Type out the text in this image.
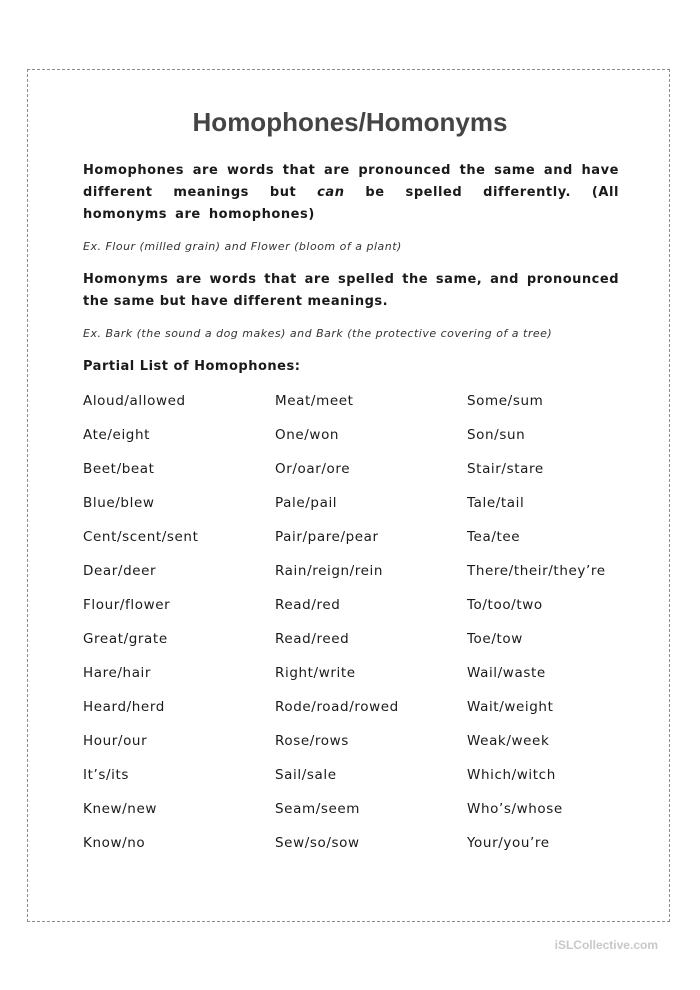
Homophones/Homonyms
Homophones are words that are pronounced the same and have different meanings but can be spelled differently. (All homonyms are homophones)
Ex. Flour (milled grain) and Flower (bloom of a plant)
Homonyms are words that are spelled the same, and pronounced the same but have different meanings.
Ex. Bark (the sound a dog makes) and Bark (the protective covering of a tree)
Partial List of Homophones:
Aloud/allowed
Ate/eight
Beet/beat
Blue/blew
Cent/scent/sent
Dear/deer
Flour/flower
Great/grate
Hare/hair
Heard/herd
Hour/our
It’s/its
Knew/new
Know/no
Meat/meet
One/won
Or/oar/ore
Pale/pail
Pair/pare/pear
Rain/reign/rein
Read/red
Read/reed
Right/write
Rode/road/rowed
Rose/rows
Sail/sale
Seam/seem
Sew/so/sow
Some/sum
Son/sun
Stair/stare
Tale/tail
Tea/tee
There/their/they’re
To/too/two
Toe/tow
Wail/waste
Wait/weight
Weak/week
Which/witch
Who’s/whose
Your/you’re
iSLCollective.com
